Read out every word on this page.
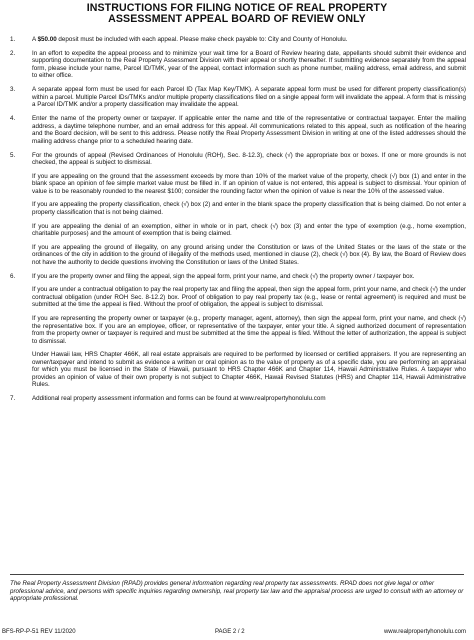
INSTRUCTIONS FOR FILING NOTICE OF REAL PROPERTY
ASSESSMENT APPEAL BOARD OF REVIEW ONLY
1.	A $50.00 deposit must be included with each appeal. Please make check payable to: City and County of Honolulu.

2.	In an effort to expedite the appeal process and to minimize your wait time for a Board of Review hearing date, appellants should submit their evidence and supporting documentation to the Real Property Assessment Division with their appeal or shortly thereafter. If submitting evidence separately from the appeal form, please include your name, Parcel ID/TMK, year of the appeal, contact information such as phone number, mailing address, email address, and submit to either office.

3.	A separate appeal form must be used for each Parcel ID (Tax Map Key/TMK). A separate appeal form must be used for different property classification(s) within a parcel. Multiple Parcel IDs/TMKs and/or multiple property classifications filed on a single appeal form will invalidate the appeal. A form that is missing a Parcel ID/TMK and/or a property classification may invalidate the appeal.

4.	Enter the name of the property owner or taxpayer. If applicable enter the name and title of the representative or contractual taxpayer. Enter the mailing address, a daytime telephone number, and an email address for this appeal. All communications related to this appeal, such as notification of the hearing and the Board decision, will be sent to this address. Please notify the Real Property Assessment Division in writing at one of the listed addresses should the mailing address change prior to a scheduled hearing date.

5.	For the grounds of appeal (Revised Ordinances of Honolulu (ROH), Sec. 8-12.3), check (√) the appropriate box or boxes. If one or more grounds is not checked, the appeal is subject to dismissal.

If you are appealing on the ground that the assessment exceeds by more than 10% of the market value of the property, check (√) box (1) and enter in the blank space an opinion of fee simple market value must be filled in. If an opinion of value is not entered, this appeal is subject to dismissal. Your opinion of value is to be reasonably rounded to the nearest $100; consider the rounding factor when the opinion of value is near the 10% of the assessed value.

If you are appealing the property classification, check (√) box (2) and enter in the blank space the property classification that is being claimed. Do not enter a property classification that is not being claimed.

If you are appealing the denial of an exemption, either in whole or in part, check (√) box (3) and enter the type of exemption (e.g., home exemption, charitable purposes) and the amount of exemption that is being claimed.

If you are appealing the ground of illegality, on any ground arising under the Constitution or laws of the United States or the laws of the state or the ordinances of the city in addition to the ground of illegality of the methods used, mentioned in clause (2), check (√) box (4). By law, the Board of Review does not have the authority to decide questions involving the Constitution or laws of the United States.

6.	If you are the property owner and filing the appeal, sign the appeal form, print your name, and check (√) the property owner / taxpayer box.

If you are under a contractual obligation to pay the real property tax and filing the appeal, then sign the appeal form, print your name, and check (√) the under contractual obligation (under ROH Sec. 8-12.2) box. Proof of obligation to pay real property tax (e.g., lease or rental agreement) is required and must be submitted at the time the appeal is filed. Without the proof of obligation, the appeal is subject to dismissal.

If you are representing the property owner or taxpayer (e.g., property manager, agent, attorney), then sign the appeal form, print your name, and check (√) the representative box. If you are an employee, officer, or representative of the taxpayer, enter your title. A signed authorized document of representation from the property owner or taxpayer is required and must be submitted at the time the appeal is filed. Without the letter of authorization, the appeal is subject to dismissal.

Under Hawaii law, HRS Chapter 466K, all real estate appraisals are required to be performed by licensed or certified appraisers. If you are representing an owner/taxpayer and intend to submit as evidence a written or oral opinion as to the value of property as of a specific date, you are performing an appraisal for which you must be licensed in the State of Hawaii, pursuant to HRS Chapter 466K and Chapter 114, Hawaii Administrative Rules. A taxpayer who provides an opinion of value of their own property is not subject to Chapter 466K, Hawaii Revised Statutes (HRS) and Chapter 114, Hawaii Administrative Rules.

7.	Additional real property assessment information and forms can be found at www.realpropertyhonolulu.com

The Real Property Assessment Division (RPAD) provides general information regarding real property tax assessments. RPAD does not give legal or other professional advice, and persons with specific inquiries regarding ownership, real property tax law and the appraisal process are urged to consult with an attorney or appropriate professional.
BFS-RP-P-51 REV 11/2020	PAGE 2 / 2	www.realpropertyhonolulu.com
